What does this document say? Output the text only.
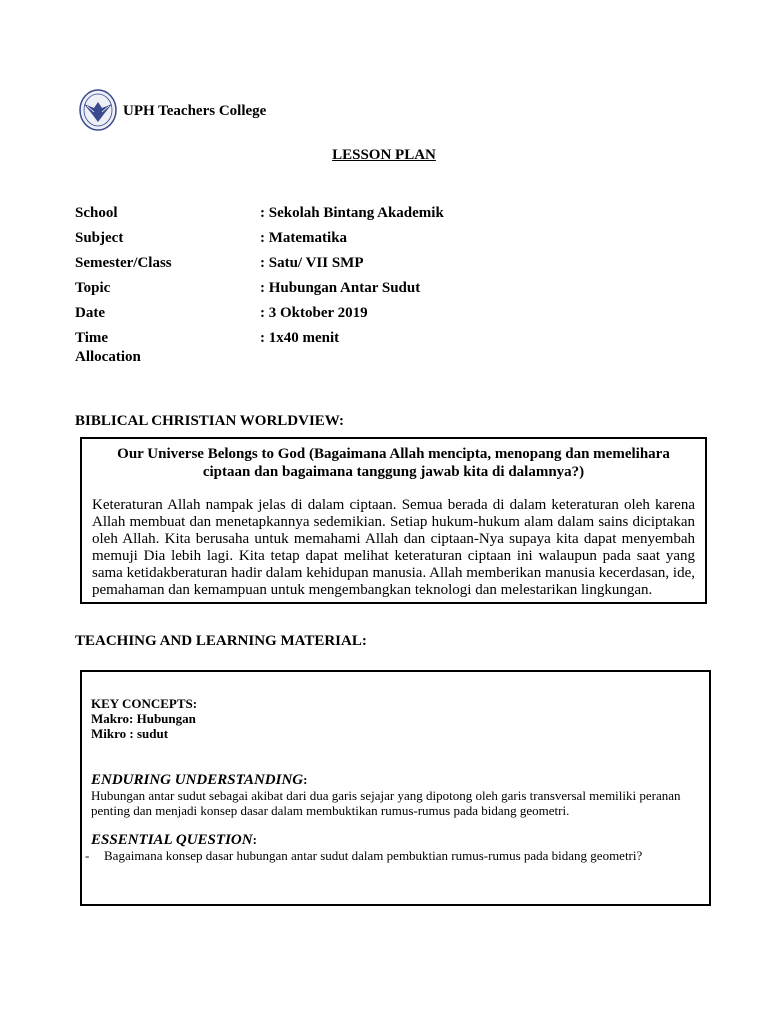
UPH Teachers College
LESSON PLAN
School	: Sekolah Bintang Akademik
Subject	: Matematika
Semester/Class	: Satu/ VII SMP
Topic	: Hubungan Antar Sudut
Date	: 3 Oktober 2019
Time Allocation
: 1x40 menit
BIBLICAL CHRISTIAN WORLDVIEW:
Our Universe Belongs to God (Bagaimana Allah mencipta, menopang dan memelihara ciptaan dan bagaimana tanggung jawab kita di dalamnya?)
Keteraturan Allah nampak jelas di dalam ciptaan. Semua berada di dalam keteraturan oleh karena Allah membuat dan menetapkannya sedemikian. Setiap hukum-hukum alam dalam sains diciptakan oleh Allah. Kita berusaha untuk memahami Allah dan ciptaan-Nya supaya kita dapat menyembah memuji Dia lebih lagi. Kita tetap dapat melihat keteraturan ciptaan ini walaupun pada saat yang sama ketidakberaturan hadir dalam kehidupan manusia. Allah memberikan manusia kecerdasan, ide, pemahaman dan kemampuan untuk mengembangkan teknologi dan melestarikan lingkungan.
TEACHING AND LEARNING MATERIAL:
KEY CONCEPTS:
Makro: Hubungan
Mikro : sudut
ENDURING UNDERSTANDING:
Hubungan antar sudut sebagai akibat dari dua garis sejajar yang dipotong oleh garis transversal memiliki peranan penting dan menjadi konsep dasar dalam membuktikan rumus-rumus pada bidang geometri.
ESSENTIAL QUESTION:
- Bagaimana konsep dasar hubungan antar sudut dalam pembuktian rumus-rumus pada bidang geometri?
